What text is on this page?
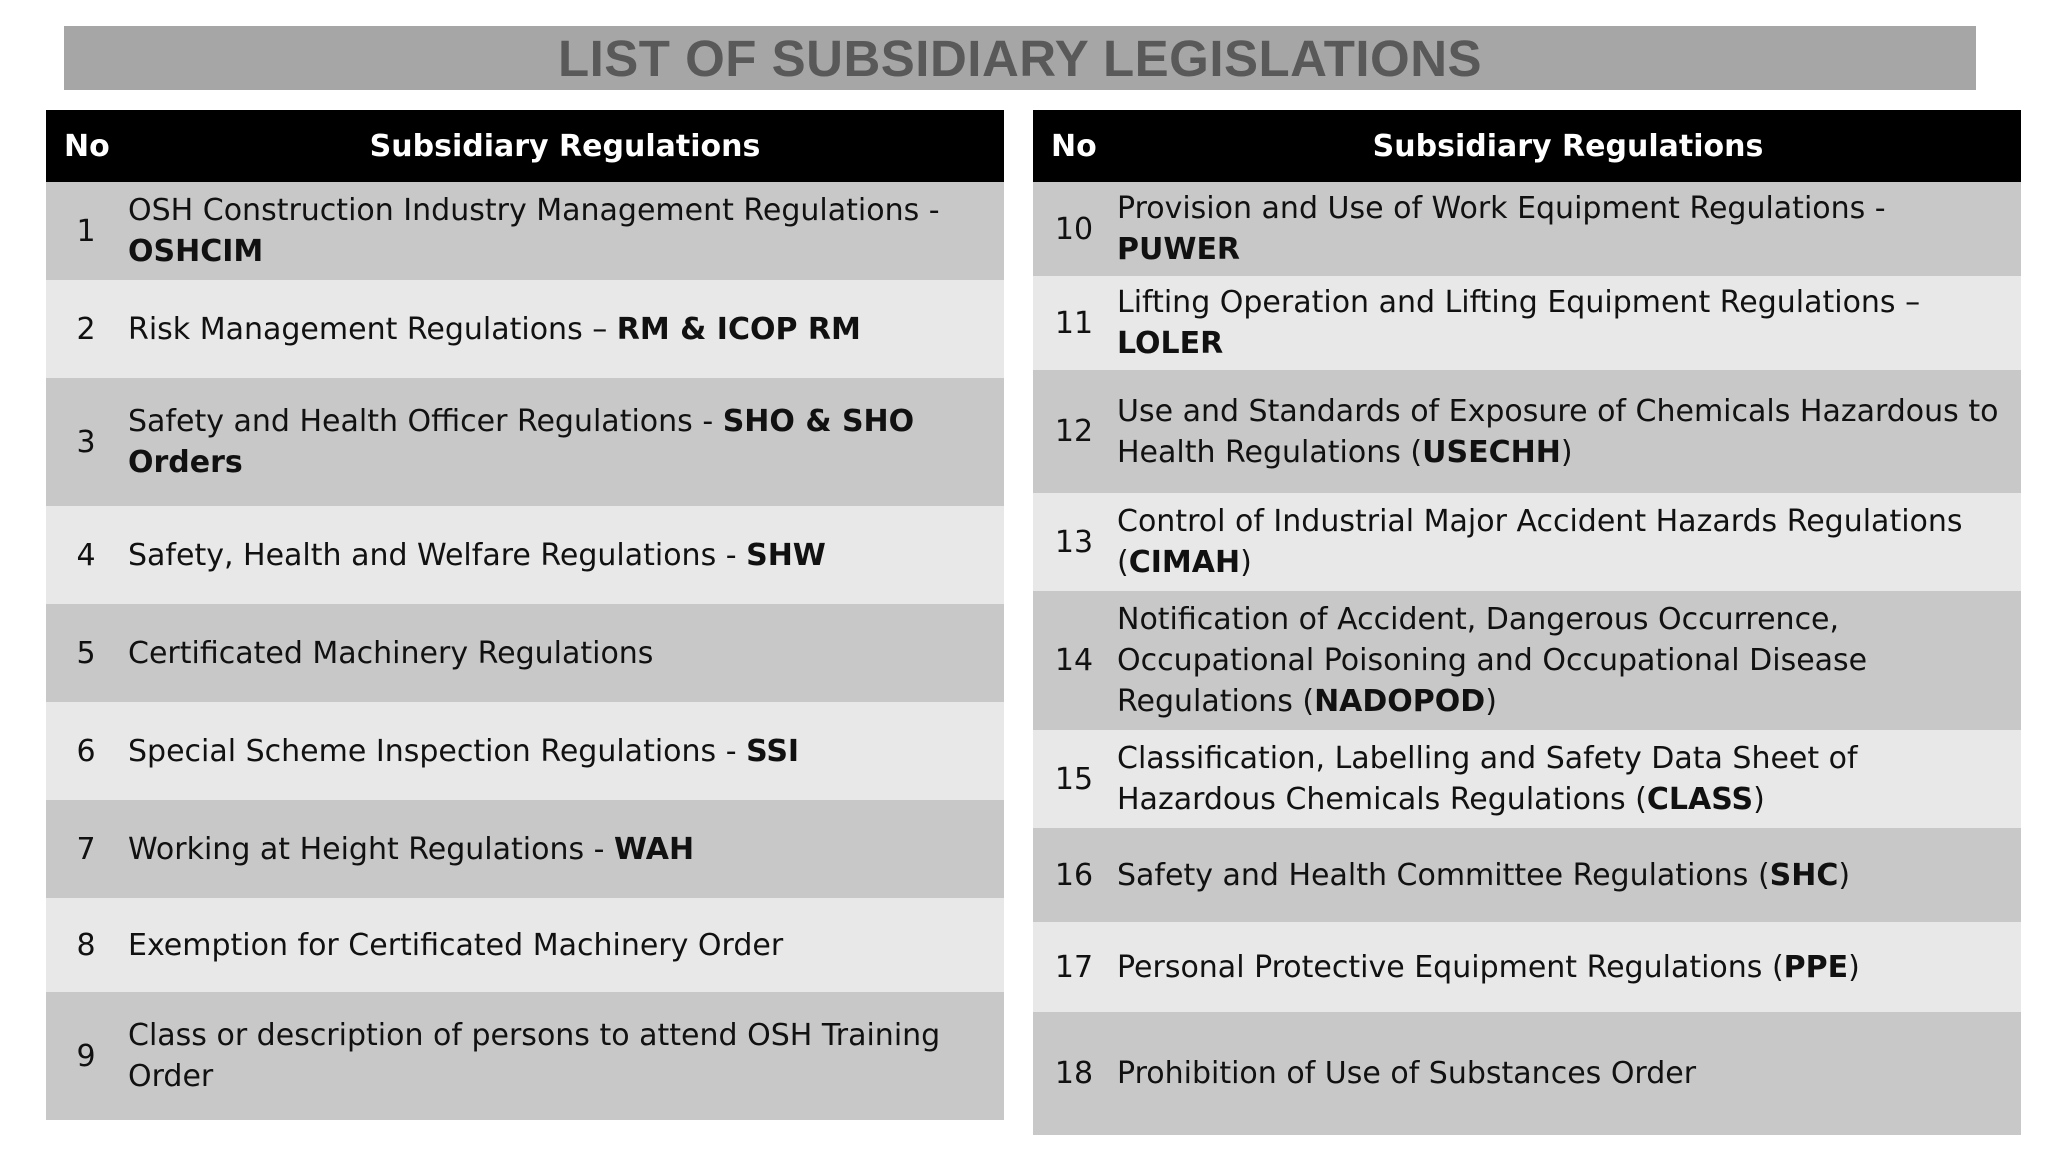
LIST OF SUBSIDIARY LEGISLATIONS
No	Subsidiary Regulations
1	OSH Construction Industry Management Regulations - OSHCIM
2	Risk Management Regulations – RM & ICOP RM
3	Safety and Health Officer Regulations - SHO & SHO Orders
4	Safety, Health and Welfare Regulations - SHW
5	Certificated Machinery Regulations
6	Special Scheme Inspection Regulations - SSI
7	Working at Height Regulations - WAH
8	Exemption for Certificated Machinery Order
9	Class or description of persons to attend OSH Training Order
No	Subsidiary Regulations
10	Provision and Use of Work Equipment Regulations - PUWER
11	Lifting Operation and Lifting Equipment Regulations – LOLER
12	Use and Standards of Exposure of Chemicals Hazardous to Health Regulations (USECHH)
13	Control of Industrial Major Accident Hazards Regulations (CIMAH)
14	Notification of Accident, Dangerous Occurrence, Occupational Poisoning and Occupational Disease Regulations (NADOPOD)
15	Classification, Labelling and Safety Data Sheet of Hazardous Chemicals Regulations (CLASS)
16	Safety and Health Committee Regulations (SHC)
17	Personal Protective Equipment Regulations (PPE)
18	Prohibition of Use of Substances Order
